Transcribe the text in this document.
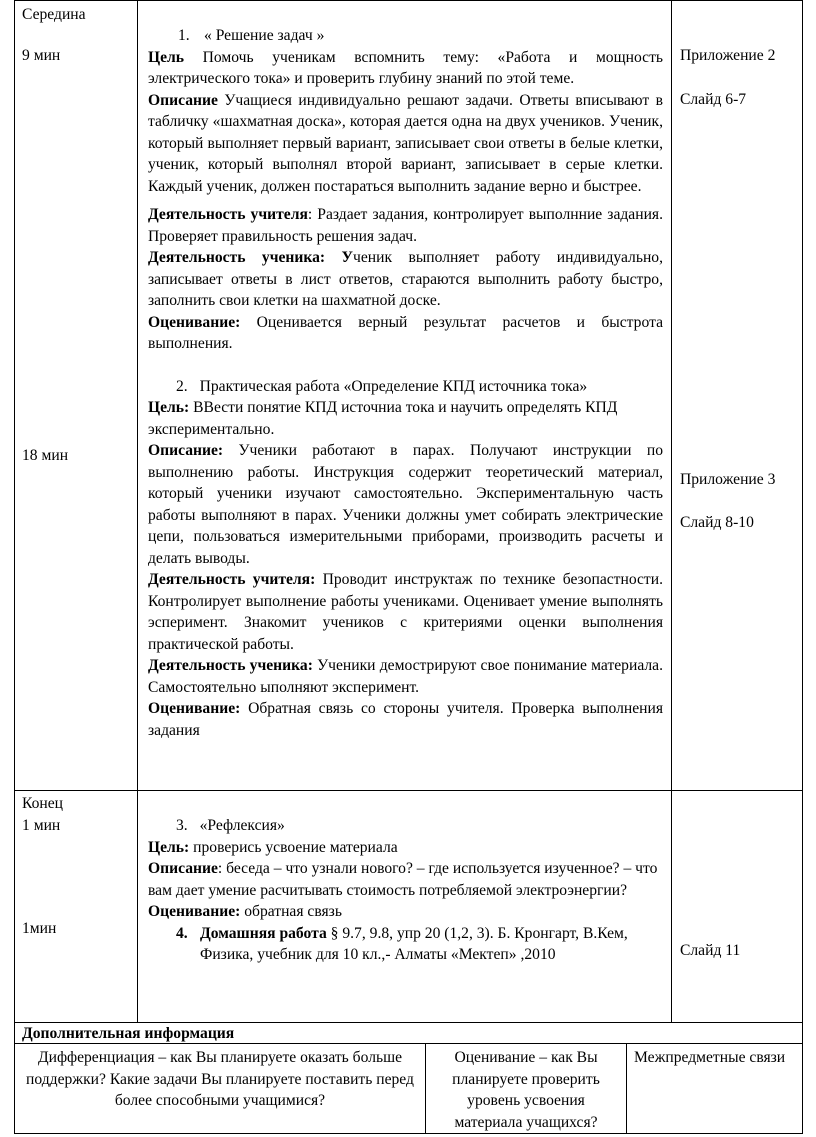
Середина
9 мин
18 мин
Конец
1 мин
1мин

1. « Решение задач »

Цель Помочь ученикам вспомнить тему: «Работа и мощность электрического тока» и проверить глубину знаний по этой теме.

Описание Учащиеся индивидуально решают задачи. Ответы вписывают в табличку «шахматная доска», которая дается одна на двух учеников. Ученик, который выполняет первый вариант, записывает свои ответы в белые клетки, ученик, который выполнял второй вариант, записывает в серые клетки. Каждый ученик, должен постараться выполнить задание верно и быстрее.

Деятельность учителя: Раздает задания, контролирует выполнние задания. Проверяет правильность решения задач.

Деятельность ученика: Ученик выполняет работу индивидуально, записывает ответы в лист ответов, стараются выполнить работу быстро, заполнить свои клетки на шахматной доске.

Оценивание: Оценивается верный результат расчетов и быстрота выполнения.

2. Практическая работа «Определение КПД источника тока»

Цель: ВВести понятие КПД источниа тока и научить определять КПД экспериментально.

Описание: Ученики работают в парах. Получают инструкции по выполнению работы. Инструкция содержит теоретический материал, который ученики изучают самостоятельно. Экспериментальную часть работы выполняют в парах. Ученики должны умет собирать электрические цепи, пользоваться измерительными приборами, производить расчеты и делать выводы.

Деятельность учителя: Проводит инструктаж по технике безопастности. Контролирует выполнение работы учениками. Оценивает умение выполнять эсперимент. Знакомит учеников с критериями оценки выполнения практической работы.

Деятельность ученика: Ученики демострируют свое понимание материала. Самостоятельно ыполняют эксперимент.

Оценивание: Обратная связь со стороны учителя. Проверка выполнения задания

Приложение 2
Слайд 6-7
Приложение 3
Слайд 8-10

3. «Рефлексия»

Цель: проверись усвоение материала

Описание: беседа – что узнали нового? – где используется изученное? – что вам дает умение расчитывать стоимость потребляемой электроэнергии?

Оценивание: обратная связь

4. Домашняя работа § 9.7, 9.8, упр 20 (1,2, 3). Б. Кронгарт, В.Кем, Физика, учебник для 10 кл.,- Алматы «Мектеп» ,2010	Слайд 11
Дополнительная информация
Дифференциация – как Вы планируете оказать больше поддержки? Какие задачи Вы планируете поставить перед более способными учащимися?
Оценивание – как Вы планируете проверить уровень усвоения материала учащихся?
Межпредметные связи
